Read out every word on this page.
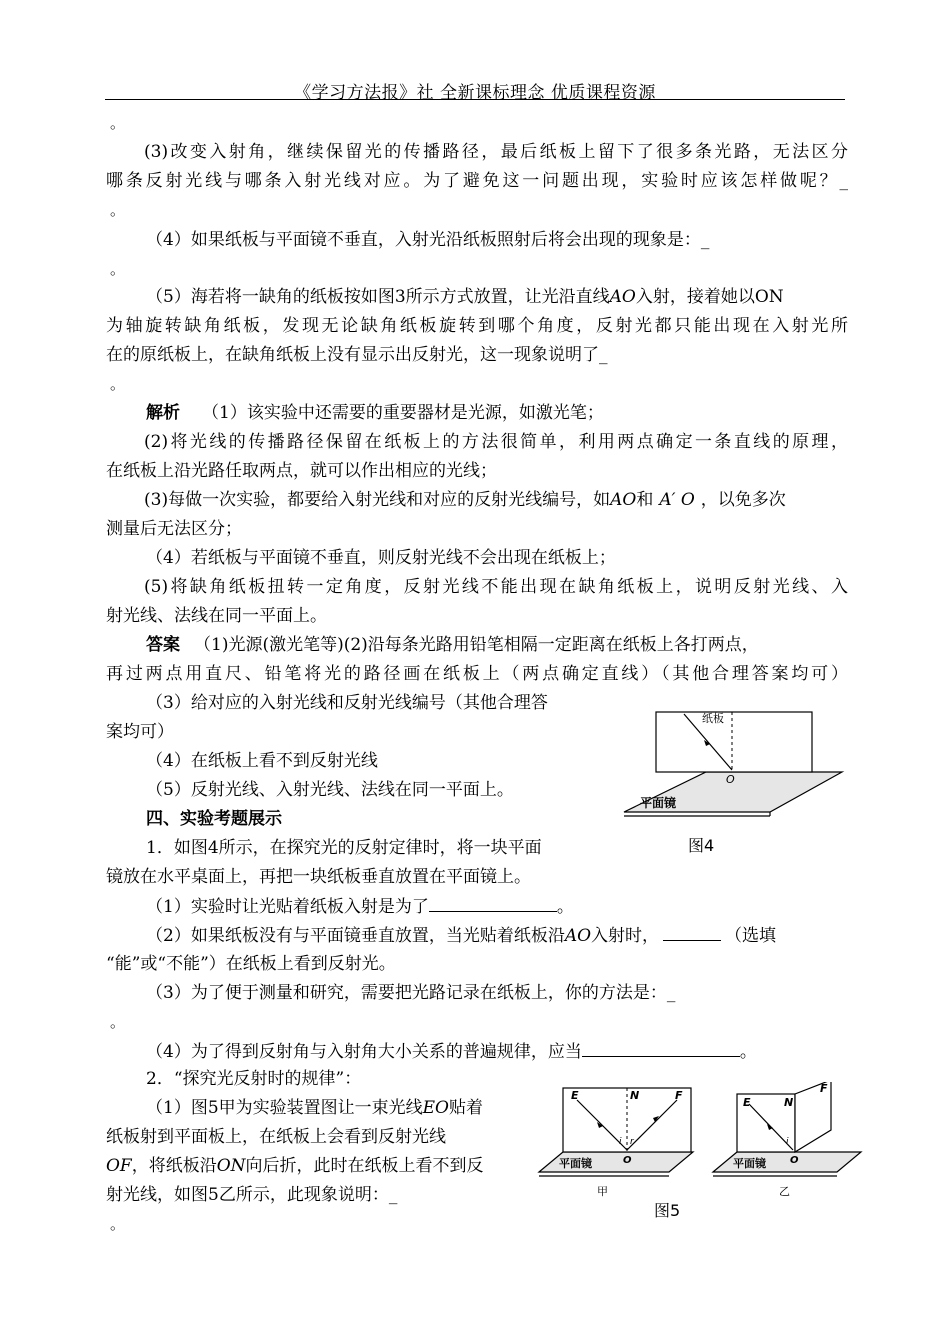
《学习方法报》社 全新课标理念 优质课程资源
。
(3)改变入射角，继续保留光的传播路径，最后纸板上留下了很多条光路，无法区分
哪条反射光线与哪条入射光线对应。为了避免这一问题出现，实验时应该怎样做呢？_
。
（4）如果纸板与平面镜不垂直，入射光沿纸板照射后将会出现的现象是：_
。
（5）海若将一缺角的纸板按如图3所示方式放置，让光沿直线AO入射，接着她以ON
为轴旋转缺角纸板，发现无论缺角纸板旋转到哪个角度，反射光都只能出现在入射光所
在的原纸板上，在缺角纸板上没有显示出反射光，这一现象说明了_
。
解析 （1）该实验中还需要的重要器材是光源，如激光笔；
(2)将光线的传播路径保留在纸板上的方法很简单，利用两点确定一条直线的原理，
在纸板上沿光路任取两点，就可以作出相应的光线；
(3)每做一次实验，都要给入射光线和对应的反射光线编号，如AO和 A′ O ，以免多次
测量后无法区分；
（4）若纸板与平面镜不垂直，则反射光线不会出现在纸板上；
(5)将缺角纸板扭转一定角度，反射光线不能出现在缺角纸板上，说明反射光线、入
射光线、法线在同一平面上。
答案 （1)光源(激光笔等)(2)沿每条光路用铅笔相隔一定距离在纸板上各打两点，
再过两点用直尺、铅笔将光的路径画在纸板上（两点确定直线）（其他合理答案均可）
（3）给对应的入射光线和反射光线编号（其他合理答
案均可）
（4）在纸板上看不到反射光线
（5）反射光线、入射光线、法线在同一平面上。
四、实验考题展示
1．如图4所示，在探究光的反射定律时，将一块平面
镜放在水平桌面上，再把一块纸板垂直放置在平面镜上。
（1）实验时让光贴着纸板入射是为了	。
（2）如果纸板没有与平面镜垂直放置，当光贴着纸板沿AO入射时，	（选填
“能”或“不能”）在纸板上看到反射光。
（3）为了便于测量和研究，需要把光路记录在纸板上，你的方法是：_
。
（4）为了得到反射角与入射角大小关系的普遍规律，应当	。
2．“探究光反射时的规律”：
（1）图5甲为实验装置图让一束光线EO贴着
纸板射到平面板上，在纸板上会看到反射光线
OF，将纸板沿ON向后折，此时在纸板上看不到反
射光线，如图5乙所示，此现象说明：_
。
纸板
O
平面镜
图4
E	N	F
i r
O
平面镜
甲
E	N
F
i
O
平面镜
乙
图5
